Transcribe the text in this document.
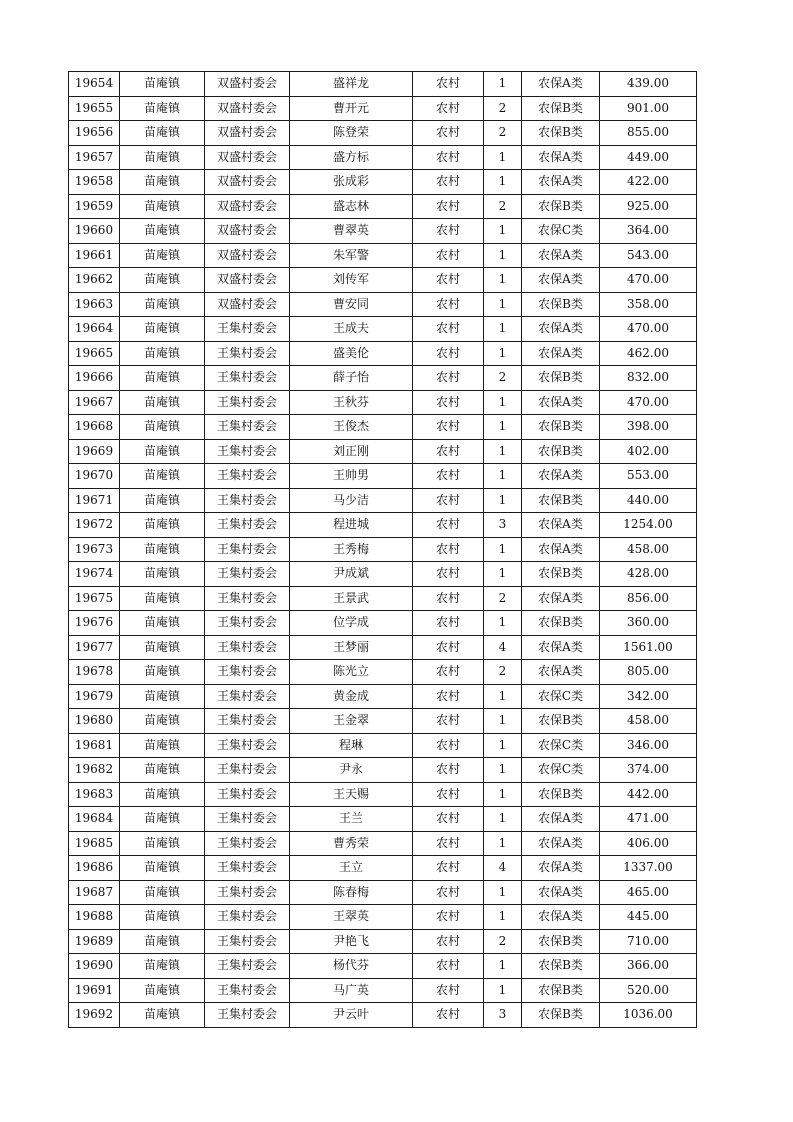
19654	苗庵镇	双盛村委会	盛祥龙	农村	1	农保A类	439.00
19655	苗庵镇	双盛村委会	曹开元	农村	2	农保B类	901.00
19656	苗庵镇	双盛村委会	陈登荣	农村	2	农保B类	855.00
19657	苗庵镇	双盛村委会	盛方标	农村	1	农保A类	449.00
19658	苗庵镇	双盛村委会	张成彩	农村	1	农保A类	422.00
19659	苗庵镇	双盛村委会	盛志林	农村	2	农保B类	925.00
19660	苗庵镇	双盛村委会	曹翠英	农村	1	农保C类	364.00
19661	苗庵镇	双盛村委会	朱军警	农村	1	农保A类	543.00
19662	苗庵镇	双盛村委会	刘传军	农村	1	农保A类	470.00
19663	苗庵镇	双盛村委会	曹安同	农村	1	农保B类	358.00
19664	苗庵镇	王集村委会	王成夫	农村	1	农保A类	470.00
19665	苗庵镇	王集村委会	盛美伦	农村	1	农保A类	462.00
19666	苗庵镇	王集村委会	薛子怡	农村	2	农保B类	832.00
19667	苗庵镇	王集村委会	王秋芬	农村	1	农保A类	470.00
19668	苗庵镇	王集村委会	王俊杰	农村	1	农保B类	398.00
19669	苗庵镇	王集村委会	刘正刚	农村	1	农保B类	402.00
19670	苗庵镇	王集村委会	王帅男	农村	1	农保A类	553.00
19671	苗庵镇	王集村委会	马少洁	农村	1	农保B类	440.00
19672	苗庵镇	王集村委会	程进城	农村	3	农保A类	1254.00
19673	苗庵镇	王集村委会	王秀梅	农村	1	农保A类	458.00
19674	苗庵镇	王集村委会	尹成斌	农村	1	农保B类	428.00
19675	苗庵镇	王集村委会	王景武	农村	2	农保A类	856.00
19676	苗庵镇	王集村委会	位学成	农村	1	农保B类	360.00
19677	苗庵镇	王集村委会	王梦丽	农村	4	农保A类	1561.00
19678	苗庵镇	王集村委会	陈光立	农村	2	农保A类	805.00
19679	苗庵镇	王集村委会	黄金成	农村	1	农保C类	342.00
19680	苗庵镇	王集村委会	王金翠	农村	1	农保B类	458.00
19681	苗庵镇	王集村委会	程琳	农村	1	农保C类	346.00
19682	苗庵镇	王集村委会	尹永	农村	1	农保C类	374.00
19683	苗庵镇	王集村委会	王天赐	农村	1	农保B类	442.00
19684	苗庵镇	王集村委会	王兰	农村	1	农保A类	471.00
19685	苗庵镇	王集村委会	曹秀荣	农村	1	农保A类	406.00
19686	苗庵镇	王集村委会	王立	农村	4	农保A类	1337.00
19687	苗庵镇	王集村委会	陈春梅	农村	1	农保A类	465.00
19688	苗庵镇	王集村委会	王翠英	农村	1	农保A类	445.00
19689	苗庵镇	王集村委会	尹艳飞	农村	2	农保B类	710.00
19690	苗庵镇	王集村委会	杨代芬	农村	1	农保B类	366.00
19691	苗庵镇	王集村委会	马广英	农村	1	农保B类	520.00
19692	苗庵镇	王集村委会	尹云叶	农村	3	农保B类	1036.00
